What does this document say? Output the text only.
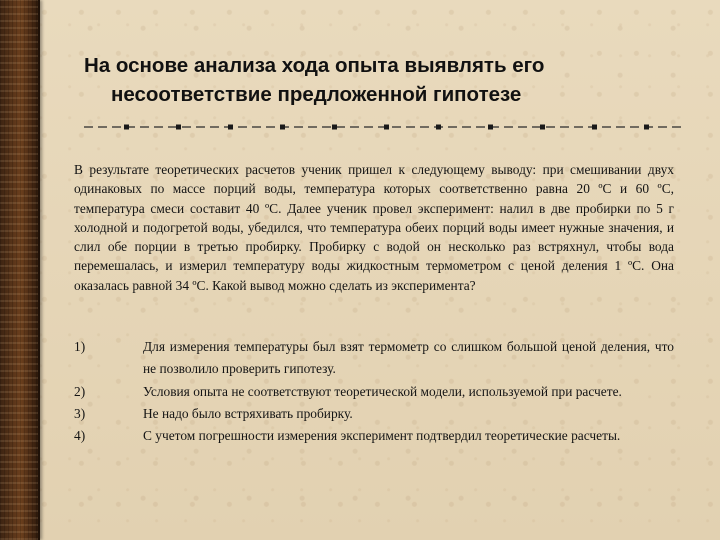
На основе анализа хода опыта выявлять его
несоответствие предложенной гипотезе
В результате теоретических расчетов ученик пришел к следующему выводу: при смешивании двух одинаковых по массе порций воды, температура которых соответственно равна 20 ºС и 60 ºС, температура смеси составит 40 ºС. Далее ученик провел эксперимент: налил в две пробирки по 5 г холодной и подогретой воды, убедился, что температура обеих порций воды имеет нужные значения, и слил обе порции в третью пробирку. Пробирку с водой он несколько раз встряхнул, чтобы вода перемешалась, и измерил температуру воды жидкостным термометром с ценой деления 1 ºС. Она оказалась равной 34 ºС. Какой вывод можно сделать из эксперимента?
1)	Для измерения температуры был взят термометр со слишком большой ценой деления, что не позволило проверить гипотезу.
2)	Условия опыта не соответствуют теоретической модели, используемой при расчете.
3)	Не надо было встряхивать пробирку.
4)	С учетом погрешности измерения эксперимент подтвердил теоретические расчеты.
